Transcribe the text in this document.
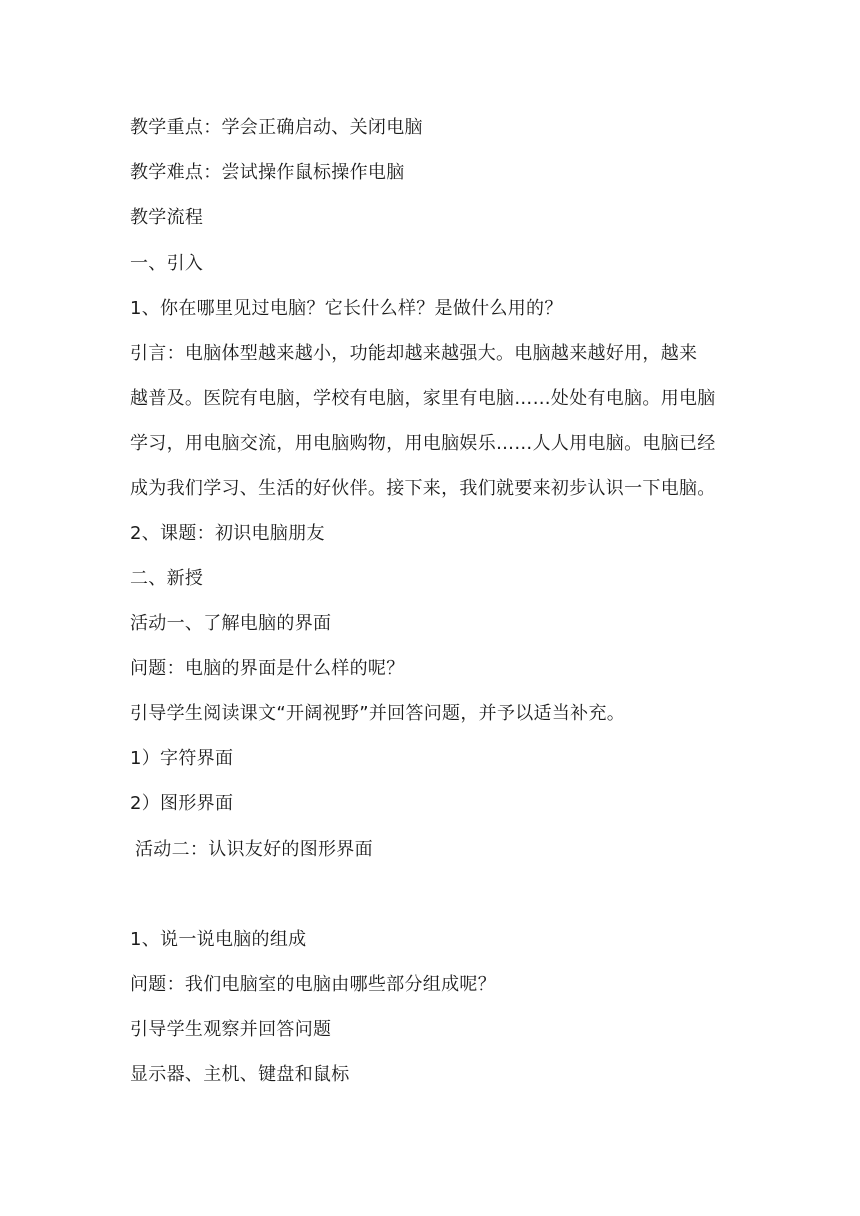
教学重点：学会正确启动、关闭电脑
教学难点：尝试操作鼠标操作电脑
教学流程
一、引入
1、你在哪里见过电脑？它长什么样？是做什么用的？
引言：电脑体型越来越小，功能却越来越强大。电脑越来越好用，越来
越普及。医院有电脑，学校有电脑，家里有电脑……处处有电脑。用电脑
学习，用电脑交流，用电脑购物，用电脑娱乐……人人用电脑。电脑已经
成为我们学习、生活的好伙伴。接下来，我们就要来初步认识一下电脑。
2、课题：初识电脑朋友
二、新授
活动一、了解电脑的界面
问题：电脑的界面是什么样的呢？
引导学生阅读课文“开阔视野”并回答问题，并予以适当补充。
1）字符界面
2）图形界面
活动二：认识友好的图形界面
1、说一说电脑的组成
问题：我们电脑室的电脑由哪些部分组成呢？
引导学生观察并回答问题
显示器、主机、键盘和鼠标
